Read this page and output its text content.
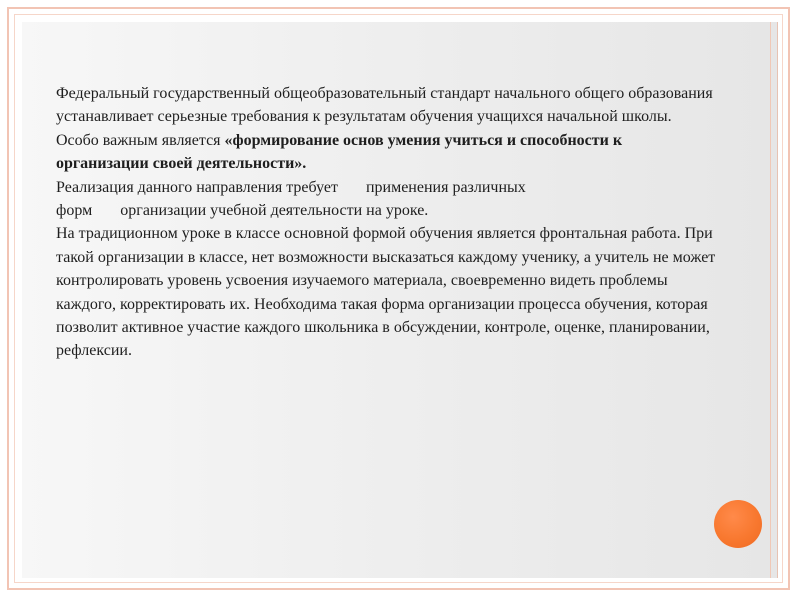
Федеральный государственный общеобразовательный стандарт начального общего образования устанавливает серьезные требования к результатам обучения учащихся начальной школы.

Особо важным является «формирование основ умения учиться и способности к организации своей деятельности».

Реализация данного направления требует применения различных
форм организации учебной деятельности на уроке.

На традиционном уроке в классе основной формой обучения является фронтальная работа. При такой организации в классе, нет возможности высказаться каждому ученику, а учитель не может контролировать уровень усвоения изучаемого материала, своевременно видеть проблемы каждого, корректировать их. Необходима такая форма организации процесса обучения, которая позволит активное участие каждого школьника в обсуждении, контроле, оценке, планировании, рефлексии.
